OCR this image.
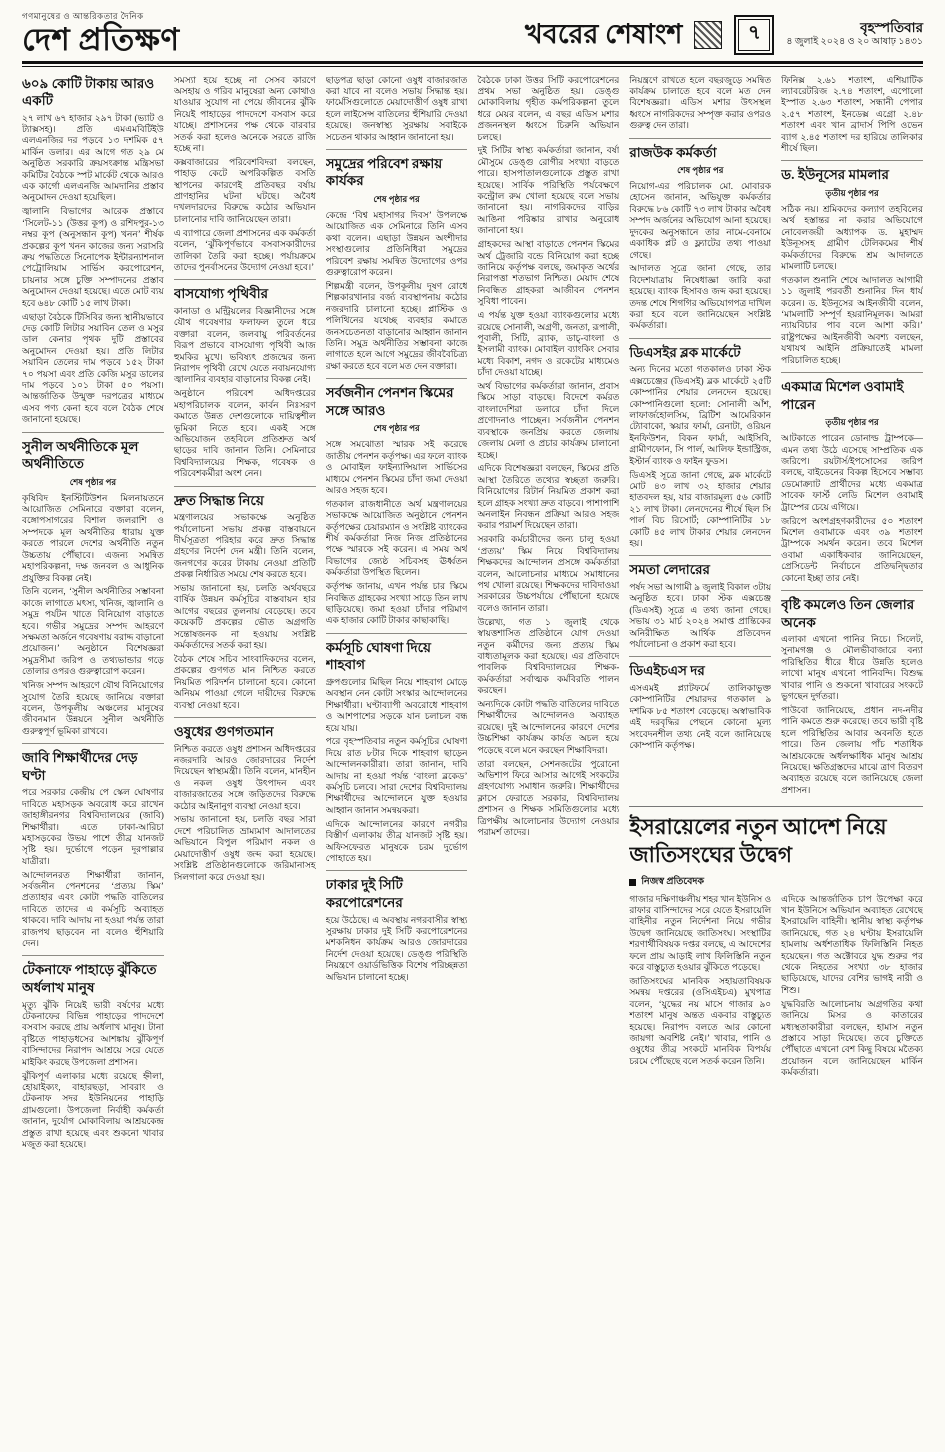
গণমানুষের ও আন্তরিকতার দৈনিক
দেশ প্রতিক্ষণ	খবরের শেষাংশ	৭	বৃহস্পতিবার
৪ জুলাই ২০২৪ ও ২০ আষাঢ় ১৪৩১
৬০৯ কোটি টাকায় আরও একটি

২৭ লাখ ৬৭ হাজার ২৯৭ টাকা (ভ্যাট ও ট্যাক্সসহ)। প্রতি এমএমবিটিইউ এলএনজির দর পড়বে ১৩ দশমিক ৫৭ মার্কিন ডলার। এর আগে গত ২৯ মে অনুষ্ঠিত সরকারি ক্রয়সংক্রান্ত মন্ত্রিসভা কমিটির বৈঠকে স্পট মার্কেট থেকে আরও এক কার্গো এলএনজি আমদানির প্রস্তাব অনুমোদন দেওয়া হয়েছিল।

জ্বালানি বিভাগের আরেক প্রস্তাবে ‘সিলেট-১১ (উত্তর কূপ) ও রশিদপুর-১৩ নম্বর কূপ (অনুসন্ধান কূপ) খনন’ শীর্ষক প্রকল্পের কূপ খনন কাজের জন্য সরাসরি ক্রয় পদ্ধতিতে সিনোপেক ইন্টারন্যাশনাল পেট্রোলিয়াম সার্ভিস করপোরেশন, চায়নার সঙ্গে চুক্তি সম্পাদনের প্রস্তাব অনুমোদন দেওয়া হয়েছে। এতে মোট ব্যয় হবে ৬৪৮ কোটি ১৫ লাখ টাকা।

এছাড়া বৈঠকে টিসিবির জন্য স্থানীয়ভাবে দেড় কোটি লিটার সয়াবিন তেল ও মসুর ডাল কেনার পৃথক দুটি প্রস্তাবের অনুমোদন দেওয়া হয়। প্রতি লিটার সয়াবিন তেলের দাম পড়বে ১৫২ টাকা ৭০ পয়সা এবং প্রতি কেজি মসুর ডালের দাম পড়বে ১০১ টাকা ৫০ পয়সা। আন্তর্জাতিক উন্মুক্ত দরপত্রের মাধ্যমে এসব পণ্য কেনা হবে বলে বৈঠক শেষে জানানো হয়েছে।

সুনীল অর্থনীতিকে মূল অর্থনীতিতে
শেষ পৃষ্ঠার পর

কৃষিবিদ ইনস্টিটিউশন মিলনায়তনে আয়োজিত সেমিনারে বক্তারা বলেন, বঙ্গোপসাগরের বিশাল জলরাশি ও সম্পদকে মূল অর্থনীতির ধারায় যুক্ত করতে পারলে দেশের অর্থনীতি নতুন উচ্চতায় পৌঁছাবে। এজন্য সমন্বিত মহাপরিকল্পনা, দক্ষ জনবল ও আধুনিক প্রযুক্তির বিকল্প নেই।

তিনি বলেন, ‘সুনীল অর্থনীতির সম্ভাবনা কাজে লাগাতে মৎস্য, খনিজ, জ্বালানি ও সমুদ্র পর্যটন খাতে বিনিয়োগ বাড়াতে হবে। গভীর সমুদ্রের সম্পদ আহরণে সক্ষমতা অর্জনে গবেষণায় বরাদ্দ বাড়ানো প্রয়োজন।’ অনুষ্ঠানে বিশেষজ্ঞরা সমুদ্রসীমা জরিপ ও তথ্যভান্ডার গড়ে তোলার ওপরও গুরুত্বারোপ করেন।

খনিজ সম্পদ আহরণে যৌথ বিনিয়োগের সুযোগ তৈরি হয়েছে জানিয়ে বক্তারা বলেন, উপকূলীয় অঞ্চলের মানুষের জীবনমান উন্নয়নে সুনীল অর্থনীতি গুরুত্বপূর্ণ ভূমিকা রাখবে।

জাবি শিক্ষার্থীদের দেড় ঘণ্টা

পরে সরকার কেন্দ্রীয় পে স্কেল ঘোষণার দাবিতে মহাসড়ক অবরোধ করে রাখেন জাহাঙ্গীরনগর বিশ্ববিদ্যালয়ের (জাবি) শিক্ষার্থীরা। এতে ঢাকা-আরিচা মহাসড়কের উভয় পাশে তীব্র যানজট সৃষ্টি হয়। দুর্ভোগে পড়েন দূরপাল্লার যাত্রীরা।

আন্দোলনরত শিক্ষার্থীরা জানান, সর্বজনীন পেনশনের ‘প্রত্যয় স্কিম’ প্রত্যাহার এবং কোটা পদ্ধতি বাতিলের দাবিতে তাদের এ কর্মসূচি অব্যাহত থাকবে। দাবি আদায় না হওয়া পর্যন্ত তারা রাজপথ ছাড়বেন না বলেও হুঁশিয়ারি দেন।

টেকনাফে পাহাড়ে ঝুঁকিতে অর্ধলাখ মানুষ

মৃত্যু ঝুঁকি নিয়েই ভারী বর্ষণের মধ্যে টেকনাফের বিভিন্ন পাহাড়ের পাদদেশে বসবাস করছে প্রায় অর্ধলাখ মানুষ। টানা বৃষ্টিতে পাহাড়ধসের আশঙ্কায় ঝুঁকিপূর্ণ বাসিন্দাদের নিরাপদ আশ্রয়ে সরে যেতে মাইকিং করছে উপজেলা প্রশাসন।

ঝুঁকিপূর্ণ এলাকার মধ্যে রয়েছে হ্নীলা, হোয়াইক্যং, বাহারছড়া, সাবরাং ও টেকনাফ সদর ইউনিয়নের পাহাড়ি গ্রামগুলো। উপজেলা নির্বাহী কর্মকর্তা জানান, দুর্যোগ মোকাবিলায় আশ্রয়কেন্দ্র প্রস্তুত রাখা হয়েছে এবং শুকনো খাবার মজুত করা হয়েছে।

সমস্যা হয়ে হচ্ছে না সেসব কারণে অসহায় ও গরিব মানুষেরা অন্য কোথাও যাওয়ার সুযোগ না পেয়ে জীবনের ঝুঁকি নিয়েই পাহাড়ের পাদদেশে বসবাস করে যাচ্ছে। প্রশাসনের পক্ষ থেকে বারবার সতর্ক করা হলেও অনেকে সরতে রাজি হচ্ছে না।

কক্সবাজারের পরিবেশবিদরা বলছেন, পাহাড় কেটে অপরিকল্পিত বসতি স্থাপনের কারণেই প্রতিবছর বর্ষায় প্রাণহানির ঘটনা ঘটছে। অবৈধ দখলদারদের বিরুদ্ধে কঠোর অভিযান চালানোর দাবি জানিয়েছেন তারা।

এ ব্যাপারে জেলা প্রশাসনের এক কর্মকর্তা বলেন, ‘ঝুঁকিপূর্ণভাবে বসবাসকারীদের তালিকা তৈরি করা হচ্ছে। পর্যায়ক্রমে তাদের পুনর্বাসনের উদ্যোগ নেওয়া হবে।’

বাসযোগ্য পৃথিবীর

কানাডা ও মন্ট্রিয়লের বিজ্ঞানীদের সঙ্গে যৌথ গবেষণার ফলাফল তুলে ধরে বক্তারা বলেন, জলবায়ু পরিবর্তনের বিরূপ প্রভাবে বাসযোগ্য পৃথিবী আজ হুমকির মুখে। ভবিষ্যৎ প্রজন্মের জন্য নিরাপদ পৃথিবী রেখে যেতে নবায়নযোগ্য জ্বালানির ব্যবহার বাড়ানোর বিকল্প নেই।

অনুষ্ঠানে পরিবেশ অধিদপ্তরের মহাপরিচালক বলেন, কার্বন নিঃসরণ কমাতে উন্নত দেশগুলোকে দায়িত্বশীল ভূমিকা নিতে হবে। একই সঙ্গে অভিযোজন তহবিলে প্রতিশ্রুত অর্থ ছাড়ের দাবি জানান তিনি। সেমিনারে বিশ্ববিদ্যালয়ের শিক্ষক, গবেষক ও পরিবেশকর্মীরা অংশ নেন।

দ্রুত সিদ্ধান্ত নিয়ে

মন্ত্রণালয়ের সভাকক্ষে অনুষ্ঠিত পর্যালোচনা সভায় প্রকল্প বাস্তবায়নে দীর্ঘসূত্রতা পরিহার করে দ্রুত সিদ্ধান্ত গ্রহণের নির্দেশ দেন মন্ত্রী। তিনি বলেন, জনগণের করের টাকায় নেওয়া প্রতিটি প্রকল্প নির্ধারিত সময়ে শেষ করতে হবে।

সভায় জানানো হয়, চলতি অর্থবছরে বার্ষিক উন্নয়ন কর্মসূচির বাস্তবায়ন হার আগের বছরের তুলনায় বেড়েছে। তবে কয়েকটি প্রকল্পের ভৌত অগ্রগতি সন্তোষজনক না হওয়ায় সংশ্লিষ্ট কর্মকর্তাদের সতর্ক করা হয়।

বৈঠক শেষে সচিব সাংবাদিকদের বলেন, প্রকল্পের গুণগত মান নিশ্চিত করতে নিয়মিত পরিদর্শন চালানো হবে। কোনো অনিয়ম পাওয়া গেলে দায়ীদের বিরুদ্ধে ব্যবস্থা নেওয়া হবে।

ওষুধের গুণগতমান

নিশ্চিত করতে ওষুধ প্রশাসন অধিদপ্তরের নজরদারি আরও জোরদারের নির্দেশ দিয়েছেন স্বাস্থ্যমন্ত্রী। তিনি বলেন, মানহীন ও নকল ওষুধ উৎপাদন এবং বাজারজাতের সঙ্গে জড়িতদের বিরুদ্ধে কঠোর আইনানুগ ব্যবস্থা নেওয়া হবে।

সভায় জানানো হয়, চলতি বছর সারা দেশে পরিচালিত ভ্রাম্যমাণ আদালতের অভিযানে বিপুল পরিমাণ নকল ও মেয়াদোত্তীর্ণ ওষুধ জব্দ করা হয়েছে। সংশ্লিষ্ট প্রতিষ্ঠানগুলোকে জরিমানাসহ সিলগালা করে দেওয়া হয়।

ছাড়পত্র ছাড়া কোনো ওষুধ বাজারজাত করা যাবে না বলেও সভায় সিদ্ধান্ত হয়। ফার্মেসিগুলোতে মেয়াদোত্তীর্ণ ওষুধ রাখা হলে লাইসেন্স বাতিলের হুঁশিয়ারি দেওয়া হয়েছে। জনস্বাস্থ্য সুরক্ষায় সবাইকে সচেতন থাকার আহ্বান জানানো হয়।

সমুদ্রের পরিবেশ রক্ষায় কার্যকর
শেষ পৃষ্ঠার পর

কেন্দ্রে ‘বিশ্ব মহাসাগর দিবস’ উপলক্ষে আয়োজিত এক সেমিনারে তিনি এসব কথা বলেন। এছাড়া উন্নয়ন অংশীদার সংস্থাগুলোর প্রতিনিধিরা সমুদ্রের পরিবেশ রক্ষায় সমন্বিত উদ্যোগের ওপর গুরুত্বারোপ করেন।

শিল্পমন্ত্রী বলেন, উপকূলীয় দূষণ রোধে শিল্পকারখানার বর্জ্য ব্যবস্থাপনায় কঠোর নজরদারি চালানো হচ্ছে। প্লাস্টিক ও পলিথিনের যথেচ্ছ ব্যবহার কমাতে জনসচেতনতা বাড়ানোর আহ্বান জানান তিনি। সমুদ্র অর্থনীতির সম্ভাবনা কাজে লাগাতে হলে আগে সমুদ্রের জীববৈচিত্র্য রক্ষা করতে হবে বলে মত দেন বক্তারা।

সর্বজনীন পেনশন স্কিমের সঙ্গে আরও
শেষ পৃষ্ঠার পর

সঙ্গে সমঝোতা স্মারক সই করেছে জাতীয় পেনশন কর্তৃপক্ষ। এর ফলে ব্যাংক ও মোবাইল ফাইন্যান্সিয়াল সার্ভিসের মাধ্যমে পেনশন স্কিমের চাঁদা জমা দেওয়া আরও সহজ হবে।

গতকাল রাজধানীতে অর্থ মন্ত্রণালয়ের সভাকক্ষে আয়োজিত অনুষ্ঠানে পেনশন কর্তৃপক্ষের চেয়ারম্যান ও সংশ্লিষ্ট ব্যাংকের শীর্ষ কর্মকর্তারা নিজ নিজ প্রতিষ্ঠানের পক্ষে স্মারকে সই করেন। এ সময় অর্থ বিভাগের জ্যেষ্ঠ সচিবসহ ঊর্ধ্বতন কর্মকর্তারা উপস্থিত ছিলেন।

কর্তৃপক্ষ জানায়, এখন পর্যন্ত চার স্কিমে নিবন্ধিত গ্রাহকের সংখ্যা সাড়ে তিন লাখ ছাড়িয়েছে। জমা হওয়া চাঁদার পরিমাণ এক হাজার কোটি টাকার কাছাকাছি।

কর্মসূচি ঘোষণা দিয়ে শাহবাগ

গ্রুপগুলোর মিছিল নিয়ে শাহবাগ মোড়ে অবস্থান নেন কোটা সংস্কার আন্দোলনের শিক্ষার্থীরা। ঘণ্টাব্যাপী অবরোধে শাহবাগ ও আশপাশের সড়কে যান চলাচল বন্ধ হয়ে যায়।

পরে বৃহস্পতিবার নতুন কর্মসূচির ঘোষণা দিয়ে রাত ৮টার দিকে শাহবাগ ছাড়েন আন্দোলনকারীরা। তারা জানান, দাবি আদায় না হওয়া পর্যন্ত ‘বাংলা ব্লকেড’ কর্মসূচি চলবে। সারা দেশের বিশ্ববিদ্যালয় শিক্ষার্থীদের আন্দোলনে যুক্ত হওয়ার আহ্বান জানান সমন্বয়করা।

এদিকে আন্দোলনের কারণে নগরীর বিস্তীর্ণ এলাকায় তীব্র যানজট সৃষ্টি হয়। অফিসফেরত মানুষকে চরম দুর্ভোগ পোহাতে হয়।

ঢাকার দুই সিটি করপোরেশনের

হয়ে উঠেছে। এ অবস্থায় নগরবাসীর স্বাস্থ্য সুরক্ষায় ঢাকার দুই সিটি করপোরেশনের মশকনিধন কার্যক্রম আরও জোরদারের নির্দেশ দেওয়া হয়েছে। ডেঙ্গু পরিস্থিতি নিয়ন্ত্রণে ওয়ার্ডভিত্তিক বিশেষ পরিচ্ছন্নতা অভিযান চালানো হচ্ছে।

বৈঠকে ঢাকা উত্তর সিটি করপোরেশনের প্রথম সভা অনুষ্ঠিত হয়। ডেঙ্গু মোকাবিলায় গৃহীত কর্মপরিকল্পনা তুলে ধরে মেয়র বলেন, এ বছর এডিস মশার প্রজননস্থল ধ্বংসে চিরুনি অভিযান চলছে।

দুই সিটির স্বাস্থ্য কর্মকর্তারা জানান, বর্ষা মৌসুমে ডেঙ্গু রোগীর সংখ্যা বাড়তে পারে। হাসপাতালগুলোকে প্রস্তুত রাখা হয়েছে। সার্বিক পরিস্থিতি পর্যবেক্ষণে কন্ট্রোল রুম খোলা হয়েছে বলে সভায় জানানো হয়। নাগরিকদের বাড়ির আঙিনা পরিষ্কার রাখার অনুরোধ জানানো হয়।

গ্রাহকদের আস্থা বাড়াতে পেনশন স্কিমের অর্থ ট্রেজারি বন্ডে বিনিয়োগ করা হচ্ছে জানিয়ে কর্তৃপক্ষ বলছে, জমাকৃত অর্থের নিরাপত্তা শতভাগ নিশ্চিত। মেয়াদ শেষে নিবন্ধিত গ্রাহকরা আজীবন পেনশন সুবিধা পাবেন।

এ পর্যন্ত যুক্ত হওয়া ব্যাংকগুলোর মধ্যে রয়েছে সোনালী, অগ্রণী, জনতা, রূপালী, পূবালী, সিটি, ব্র্যাক, ডাচ্-বাংলা ও ইসলামী ব্যাংক। মোবাইল ব্যাংকিং সেবার মধ্যে বিকাশ, নগদ ও রকেটের মাধ্যমেও চাঁদা দেওয়া যাচ্ছে।

অর্থ বিভাগের কর্মকর্তারা জানান, প্রবাস স্কিমে সাড়া বাড়ছে। বিদেশে কর্মরত বাংলাদেশিরা ডলারে চাঁদা দিলে প্রণোদনাও পাচ্ছেন। সর্বজনীন পেনশন ব্যবস্থাকে জনপ্রিয় করতে জেলায় জেলায় মেলা ও প্রচার কার্যক্রম চালানো হচ্ছে।

এদিকে বিশেষজ্ঞরা বলছেন, স্কিমের প্রতি আস্থা তৈরিতে তথ্যের স্বচ্ছতা জরুরি। বিনিয়োগের রিটার্ন নিয়মিত প্রকাশ করা হলে গ্রাহক সংখ্যা দ্রুত বাড়বে। পাশাপাশি অনলাইন নিবন্ধন প্রক্রিয়া আরও সহজ করার পরামর্শ দিয়েছেন তারা।

সরকারি কর্মচারীদের জন্য চালু হওয়া ‘প্রত্যয়’ স্কিম নিয়ে বিশ্ববিদ্যালয় শিক্ষকদের আন্দোলন প্রসঙ্গে কর্মকর্তারা বলেন, আলোচনার মাধ্যমে সমাধানের পথ খোলা রয়েছে। শিক্ষকদের দাবিদাওয়া সরকারের উচ্চপর্যায়ে পৌঁছানো হয়েছে বলেও জানান তারা।

উল্লেখ্য, গত ১ জুলাই থেকে স্বায়ত্তশাসিত প্রতিষ্ঠানে যোগ দেওয়া নতুন কর্মীদের জন্য প্রত্যয় স্কিম বাধ্যতামূলক করা হয়েছে। এর প্রতিবাদে পাবলিক বিশ্ববিদ্যালয়ের শিক্ষক-কর্মকর্তারা সর্বাত্মক কর্মবিরতি পালন করছেন।

অন্যদিকে কোটা পদ্ধতি বাতিলের দাবিতে শিক্ষার্থীদের আন্দোলনও অব্যাহত রয়েছে। দুই আন্দোলনের কারণে দেশের উচ্চশিক্ষা কার্যক্রম কার্যত অচল হয়ে পড়েছে বলে মনে করছেন শিক্ষাবিদরা।

তারা বলছেন, সেশনজটের পুরোনো অভিশাপ ফিরে আসার আগেই সংকটের গ্রহণযোগ্য সমাধান জরুরি। শিক্ষার্থীদের ক্লাসে ফেরাতে সরকার, বিশ্ববিদ্যালয় প্রশাসন ও শিক্ষক সমিতিগুলোর মধ্যে ত্রিপক্ষীয় আলোচনার উদ্যোগ নেওয়ার পরামর্শ তাদের।

নিয়ন্ত্রণে রাখতে হলে বছরজুড়ে সমন্বিত কার্যক্রম চালাতে হবে বলে মত দেন বিশেষজ্ঞরা। এডিস মশার উৎসস্থল ধ্বংসে নাগরিকদের সম্পৃক্ত করার ওপরও গুরুত্ব দেন তারা।

রাজউক কর্মকর্তা
শেষ পৃষ্ঠার পর

নিয়োগ-এর পরিচালক মো. মোবারক হোসেন জানান, অভিযুক্ত কর্মকর্তার বিরুদ্ধে ৮৬ কোটি ৭৩ লাখ টাকার অবৈধ সম্পদ অর্জনের অভিযোগ আনা হয়েছে। দুদকের অনুসন্ধানে তার নামে-বেনামে একাধিক প্লট ও ফ্ল্যাটের তথ্য পাওয়া গেছে।

আদালত সূত্রে জানা গেছে, তার বিদেশযাত্রায় নিষেধাজ্ঞা জারি করা হয়েছে। ব্যাংক হিসাবও জব্দ করা হয়েছে। তদন্ত শেষে শিগগির অভিযোগপত্র দাখিল করা হবে বলে জানিয়েছেন সংশ্লিষ্ট কর্মকর্তারা।

ডিএসইর ব্লক মার্কেটে

অন্য দিনের মতো গতকালও ঢাকা স্টক এক্সচেঞ্জের (ডিএসই) ব্লক মার্কেটে ২৫টি কোম্পানির শেয়ার লেনদেন হয়েছে। কোম্পানিগুলো হলো: সোনালী আঁশ, লাফার্জহোলসিম, ব্রিটিশ আমেরিকান ট্যোবাকো, স্কয়ার ফার্মা, রেনাটা, ওরিয়ন ইনফিউশন, বিকন ফার্মা, আইসিবি, গ্রামীণফোন, সি পার্ল, আলিফ ইন্ডাস্ট্রিজ, ইস্টার্ন ব্যাংক ও ফাইন ফুডস।

ডিএসই সূত্রে জানা গেছে, ব্লক মার্কেটে মোট ৪৩ লাখ ৩২ হাজার শেয়ার হাতবদল হয়, যার বাজারমূল্য ৫৬ কোটি ২১ লাখ টাকা। লেনদেনের শীর্ষে ছিল সি পার্ল বিচ রিসোর্ট; কোম্পানিটির ১৮ কোটি ৪৫ লাখ টাকার শেয়ার লেনদেন হয়।

সমতা লেদারের

পর্ষদ সভা আগামী ৯ জুলাই বিকাল ৩টায় অনুষ্ঠিত হবে। ঢাকা স্টক এক্সচেঞ্জ (ডিএসই) সূত্রে এ তথ্য জানা গেছে। সভায় ৩১ মার্চ ২০২৪ সমাপ্ত প্রান্তিকের অনিরীক্ষিত আর্থিক প্রতিবেদন পর্যালোচনা ও প্রকাশ করা হবে।

ডিএইচএস দর

এসএমই প্ল্যাটফর্মে তালিকাভুক্ত কোম্পানিটির শেয়ারদর গতকাল ৯ দশমিক ৮৫ শতাংশ বেড়েছে। অস্বাভাবিক এই দরবৃদ্ধির পেছনে কোনো মূল্য সংবেদনশীল তথ্য নেই বলে জানিয়েছে কোম্পানি কর্তৃপক্ষ।

ফিনিক্স ২.৬১ শতাংশ, এশিয়াটিক ল্যাবরেটরিজ ২.৭৪ শতাংশ, এপোলো ইস্পাত ২.৬৩ শতাংশ, সন্ধানী পেপার ২.৫৭ শতাংশ, ইনডেক্স এগ্রো ২.৪৮ শতাংশ এবং খান ব্রাদার্স পিপি ওভেন ব্যাগ ২.৪৫ শতাংশ দর হারিয়ে তালিকার শীর্ষে ছিল।

ড. ইউনূসের মামলার
তৃতীয় পৃষ্ঠার পর

সঠিক নয়। শ্রমিকদের কল্যাণ তহবিলের অর্থ হস্তান্তর না করার অভিযোগে নোবেলজয়ী অধ্যাপক ড. মুহাম্মদ ইউনূসসহ গ্রামীণ টেলিকমের শীর্ষ কর্মকর্তাদের বিরুদ্ধে শ্রম আদালতে মামলাটি চলছে।

গতকাল শুনানি শেষে আদালত আগামী ১১ জুলাই পরবর্তী শুনানির দিন ধার্য করেন। ড. ইউনূসের আইনজীবী বলেন, ‘মামলাটি সম্পূর্ণ হয়রানিমূলক। আমরা ন্যায়বিচার পাব বলে আশা করি।’ রাষ্ট্রপক্ষের আইনজীবী অবশ্য বলছেন, যথাযথ আইনি প্রক্রিয়াতেই মামলা পরিচালিত হচ্ছে।

একমাত্র মিশেল ওবামাই পারেন
তৃতীয় পৃষ্ঠার পর

আটকাতে পারেন ডোনাল্ড ট্রাম্পকে— এমন তথ্য উঠে এসেছে সাম্প্রতিক এক জরিপে। রয়টার্স/ইপসোসের জরিপ বলছে, বাইডেনের বিকল্প হিসেবে সম্ভাব্য ডেমোক্র্যাট প্রার্থীদের মধ্যে একমাত্র সাবেক ফার্স্ট লেডি মিশেল ওবামাই ট্রাম্পের চেয়ে এগিয়ে।

জরিপে অংশগ্রহণকারীদের ৫০ শতাংশ মিশেল ওবামাকে এবং ৩৯ শতাংশ ট্রাম্পকে সমর্থন করেন। তবে মিশেল ওবামা একাধিকবার জানিয়েছেন, প্রেসিডেন্ট নির্বাচনে প্রতিদ্বন্দ্বিতার কোনো ইচ্ছা তার নেই।

বৃষ্টি কমলেও তিন জেলার অনেক

এলাকা এখনো পানির নিচে। সিলেট, সুনামগঞ্জ ও মৌলভীবাজারে বন্যা পরিস্থিতির ধীরে ধীরে উন্নতি হলেও লাখো মানুষ এখনো পানিবন্দি। বিশুদ্ধ খাবার পানি ও শুকনো খাবারের সংকটে ভুগছেন দুর্গতরা।

পাউবো জানিয়েছে, প্রধান নদ-নদীর পানি কমতে শুরু করেছে। তবে ভারী বৃষ্টি হলে পরিস্থিতির আবার অবনতি হতে পারে। তিন জেলায় পাঁচ শতাধিক আশ্রয়কেন্দ্রে অর্ধলক্ষাধিক মানুষ আশ্রয় নিয়েছে। ক্ষতিগ্রস্তদের মাঝে ত্রাণ বিতরণ অব্যাহত রয়েছে বলে জানিয়েছে জেলা প্রশাসন।

ইসরায়েলের নতুন আদেশ নিয়ে জাতিসংঘের উদ্বেগ
নিজস্ব প্রতিবেদক

গাজার দক্ষিণাঞ্চলীয় শহর খান ইউনিস ও রাফার বাসিন্দাদের সরে যেতে ইসরায়েলি বাহিনীর নতুন নির্দেশনা নিয়ে গভীর উদ্বেগ জানিয়েছে জাতিসংঘ। সংস্থাটির শরণার্থীবিষয়ক দপ্তর বলছে, এ আদেশের ফলে প্রায় আড়াই লাখ ফিলিস্তিনি নতুন করে বাস্তুচ্যুত হওয়ার ঝুঁকিতে পড়েছে।

জাতিসংঘের মানবিক সহায়তাবিষয়ক সমন্বয় দপ্তরের (ওসিএইচএ) মুখপাত্র বলেন, ‘যুদ্ধের নয় মাসে গাজার ৯০ শতাংশ মানুষ অন্তত একবার বাস্তুচ্যুত হয়েছে। নিরাপদ বলতে আর কোনো জায়গা অবশিষ্ট নেই।’ খাবার, পানি ও ওষুধের তীব্র সংকটে মানবিক বিপর্যয় চরমে পৌঁছেছে বলে সতর্ক করেন তিনি।

এদিকে আন্তর্জাতিক চাপ উপেক্ষা করে খান ইউনিসে অভিযান অব্যাহত রেখেছে ইসরায়েলি বাহিনী। স্থানীয় স্বাস্থ্য কর্তৃপক্ষ জানিয়েছে, গত ২৪ ঘণ্টায় ইসরায়েলি হামলায় অর্ধশতাধিক ফিলিস্তিনি নিহত হয়েছেন। গত অক্টোবরে যুদ্ধ শুরুর পর থেকে নিহতের সংখ্যা ৩৮ হাজার ছাড়িয়েছে, যাদের বেশির ভাগই নারী ও শিশু।

যুদ্ধবিরতি আলোচনায় অগ্রগতির কথা জানিয়ে মিসর ও কাতারের মধ্যস্থতাকারীরা বলছেন, হামাস নতুন প্রস্তাবে সাড়া দিয়েছে। তবে চুক্তিতে পৌঁছাতে এখনো বেশ কিছু বিষয়ে মতৈক্য প্রয়োজন বলে জানিয়েছেন মার্কিন কর্মকর্তারা।
